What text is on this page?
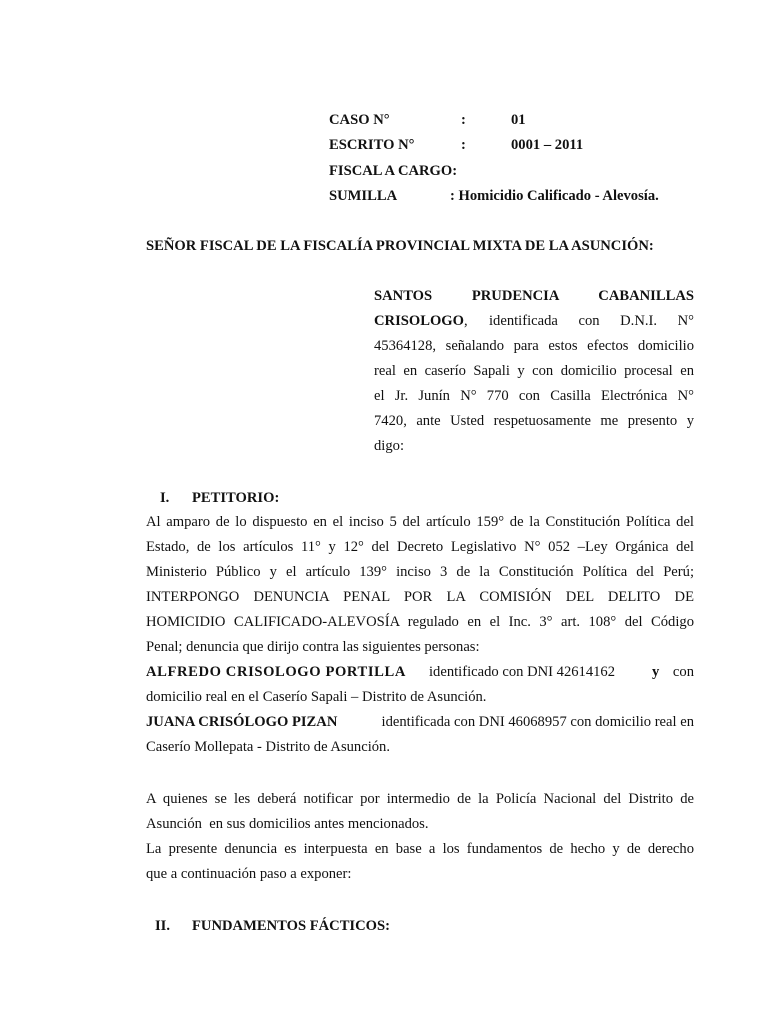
CASO N°	:	01
ESCRITO N°	:	0001 – 2011
FISCAL A CARGO:
SUMILLA	: Homicidio Calificado - Alevosía.
SEÑOR FISCAL DE LA FISCALÍA PROVINCIAL MIXTA DE LA ASUNCIÓN:
SANTOS PRUDENCIA CABANILLAS
CRISOLOGO, identificada con D.N.I. N°
45364128, señalando para estos efectos domicilio
real en caserío Sapali y con domicilio procesal en
el Jr. Junín N° 770 con Casilla Electrónica N°
7420, ante Usted respetuosamente me presento y
digo:
I. PETITORIO:
Al amparo de lo dispuesto en el inciso 5 del artículo 159° de la Constitución Política del
Estado, de los artículos 11° y 12° del Decreto Legislativo N° 052 –Ley Orgánica del
Ministerio Público y el artículo 139° inciso 3 de la Constitución Política del Perú;
INTERPONGO DENUNCIA PENAL POR LA COMISIÓN DEL DELITO DE
HOMICIDIO CALIFICADO-ALEVOSÍA regulado en el Inc. 3° art. 108° del Código
Penal; denuncia que dirijo contra las siguientes personas:
ALFREDO CRISOLOGO PORTILLA identificado con DNI 42614162	y con
domicilio real en el Caserío Sapali – Distrito de Asunción.
JUANA CRISÓLOGO PIZAN	identificada con DNI 46068957 con domicilio real en
Caserío Mollepata - Distrito de Asunción.
A quienes se les deberá notificar por intermedio de la Policía Nacional del Distrito de
Asunción  en sus domicilios antes mencionados.
La presente denuncia es interpuesta en base a los fundamentos de hecho y de derecho
que a continuación paso a exponer:
II. FUNDAMENTOS FÁCTICOS:
